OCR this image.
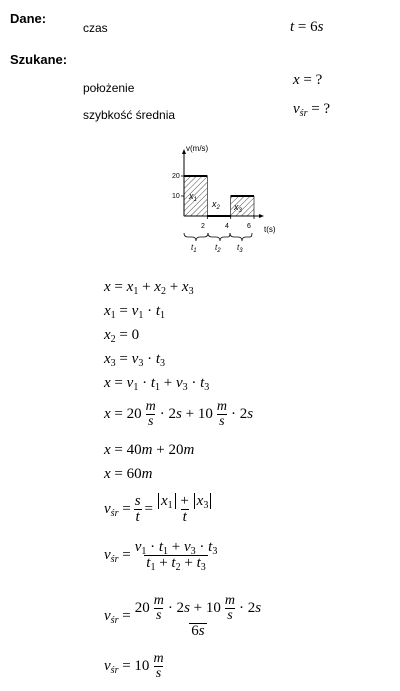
Dane:
czas	t = 6s
Szukane:
położenie	x = ?
szybkość średnia	$v_{śr}$ = ?
v(m/s)
t(s)
20
10
2	4	6
$x_1$ $x_2$ $x_3$
$t_1$ $t_2$ $t_3$
$x = x_1 + x_2 + x_3$
$x_1 = v_1 \cdot t_1$
$x_2 = 0$
$x_3 = v_3 \cdot t_3$
$x = v_1 \cdot t_1 + v_3 \cdot t_3$
$x = 20 \frac{m}{s} \cdot 2s + 10 \frac{m}{s} \cdot 2s$
x = 40m + 20m
x = 60m
$v_{śr} = \frac{s}{t} = \frac{x_1 + x_3}{t}$
$v_{śr} = \frac{v_1 \cdot t_1 + v_3 \cdot t_3}{t_1 + t_2 + t_3}$
$v_{śr} = \frac{20 \frac{m}{s} \cdot 2s + 10 \frac{m}{s} \cdot 2s}{6s}$
$v_{śr} = 10 \frac{m}{s}$
